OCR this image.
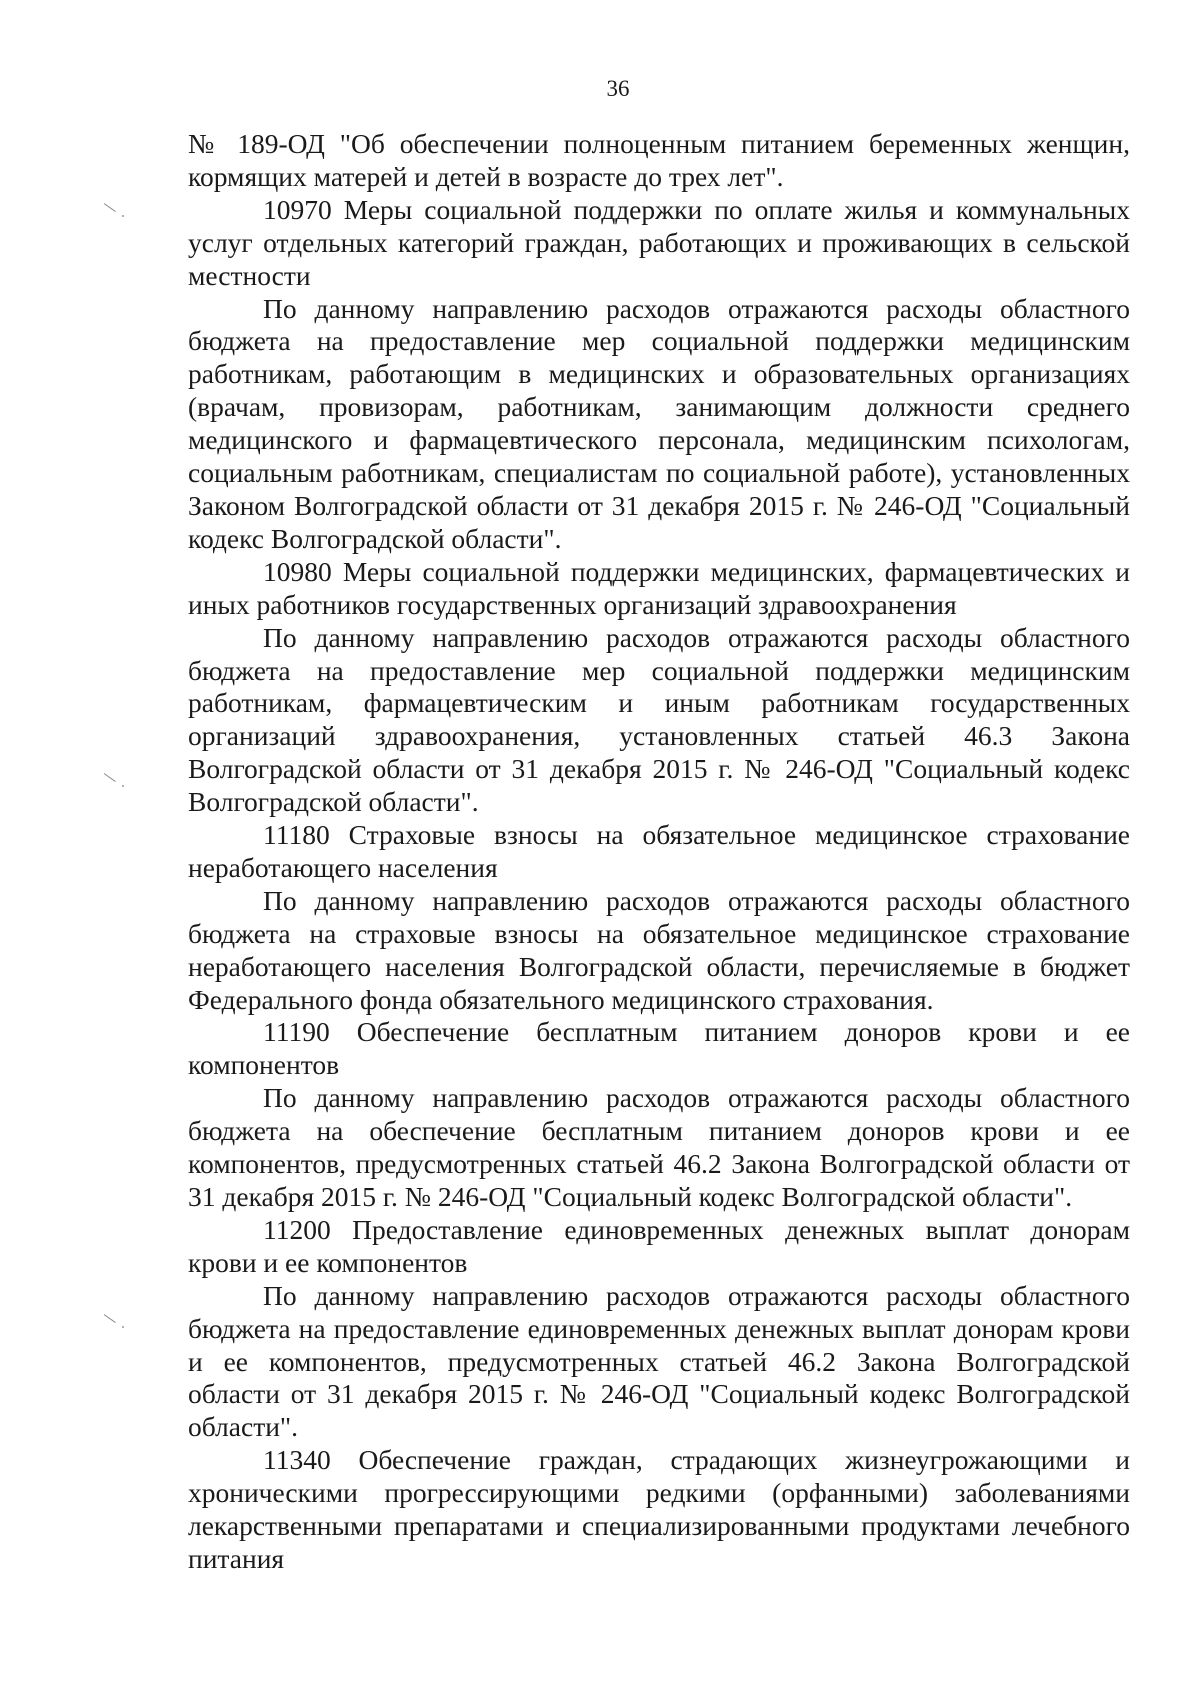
36

№ 189-ОД "Об обеспечении полноценным питанием беременных женщин, кормящих матерей и детей в возрасте до трех лет".

10970 Меры социальной поддержки по оплате жилья и коммунальных услуг отдельных категорий граждан, работающих и проживающих в сельской местности

По данному направлению расходов отражаются расходы областного бюджета на предоставление мер социальной поддержки медицинским работникам, работающим в медицинских и образовательных организациях (врачам, провизорам, работникам, занимающим должности среднего медицинского и фармацевтического персонала, медицинским психологам, социальным работникам, специалистам по социальной работе), установленных Законом Волгоградской области от 31 декабря 2015 г. № 246-ОД "Социальный кодекс Волгоградской области".

10980 Меры социальной поддержки медицинских, фармацевтических и иных работников государственных организаций здравоохранения

По данному направлению расходов отражаются расходы областного бюджета на предоставление мер социальной поддержки медицинским работникам, фармацевтическим и иным работникам государственных организаций здравоохранения, установленных статьей 46.3 Закона Волгоградской области от 31 декабря 2015 г. № 246-ОД "Социальный кодекс Волгоградской области".

11180 Страховые взносы на обязательное медицинское страхование неработающего населения

По данному направлению расходов отражаются расходы областного бюджета на страховые взносы на обязательное медицинское страхование неработающего населения Волгоградской области, перечисляемые в бюджет Федерального фонда обязательного медицинского страхования.

11190 Обеспечение бесплатным питанием доноров крови и ее компонентов

По данному направлению расходов отражаются расходы областного бюджета на обеспечение бесплатным питанием доноров крови и ее компонентов, предусмотренных статьей 46.2 Закона Волгоградской области от 31 декабря 2015 г. № 246-ОД "Социальный кодекс Волгоградской области".

11200 Предоставление единовременных денежных выплат донорам крови и ее компонентов

По данному направлению расходов отражаются расходы областного бюджета на предоставление единовременных денежных выплат донорам крови и ее компонентов, предусмотренных статьей 46.2 Закона Волгоградской области от 31 декабря 2015 г. № 246-ОД "Социальный кодекс Волгоградской области".

11340 Обеспечение граждан, страдающих жизнеугрожающими и хроническими прогрессирующими редкими (орфанными) заболеваниями лекарственными препаратами и специализированными продуктами лечебного питания
